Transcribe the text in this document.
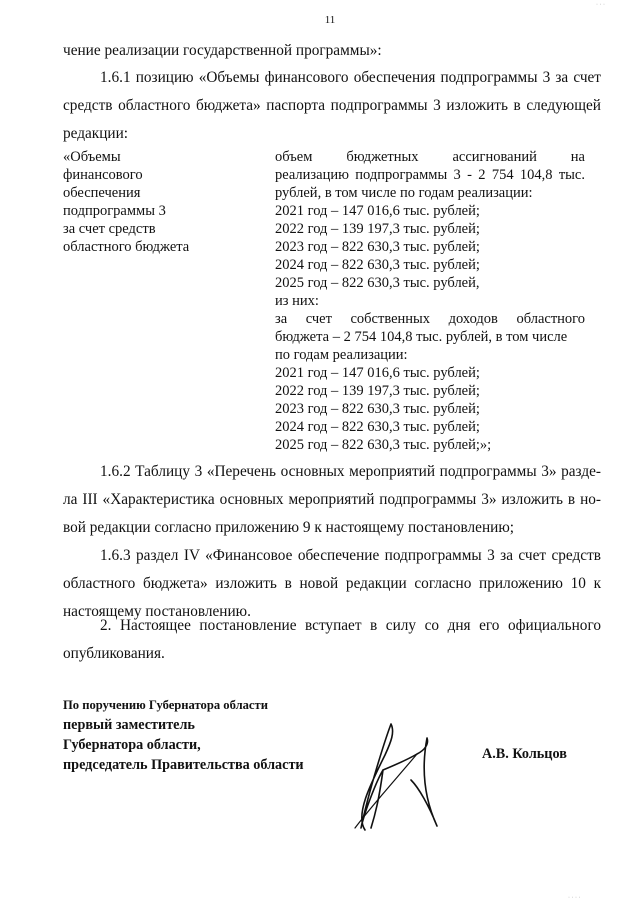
11
· · ·

чение реализации государственной программы»:

1.6.1 позицию «Объемы финансового обеспечения подпрограммы 3 за счет средств областного бюджета» паспорта подпрограммы 3 изложить в следующей редакции:

«Объемы
финансового
обеспечения
подпрограммы 3
за счет средств
областного бюджета
объем бюджетных ассигнований на
реализацию подпрограммы 3 - 2 754 104,8 тыс.
рублей, в том числе по годам реализации:
2021 год – 147 016,6 тыс. рублей;
2022 год – 139 197,3 тыс. рублей;
2023 год – 822 630,3 тыс. рублей;
2024 год – 822 630,3 тыс. рублей;
2025 год – 822 630,3 тыс. рублей,
из них:
за счет собственных доходов областного
бюджета – 2 754 104,8 тыс. рублей, в том числе
по годам реализации:
2021 год – 147 016,6 тыс. рублей;
2022 год – 139 197,3 тыс. рублей;
2023 год – 822 630,3 тыс. рублей;
2024 год – 822 630,3 тыс. рублей;
2025 год – 822 630,3 тыс. рублей;»;

1.6.2 Таблицу 3 «Перечень основных мероприятий подпрограммы 3» разде-ла III «Характеристика основных мероприятий подпрограммы 3» изложить в но-вой редакции согласно приложению 9 к настоящему постановлению;

1.6.3 раздел IV «Финансовое обеспечение подпрограммы 3 за счет средств областного бюджета» изложить в новой редакции согласно приложению 10 к настоящему постановлению.

2. Настоящее постановление вступает в силу со дня его официального опубликования.

По поручению Губернатора области
первый заместитель
Губернатора области,
председатель Правительства области
А.В. Кольцов
· · · ·
